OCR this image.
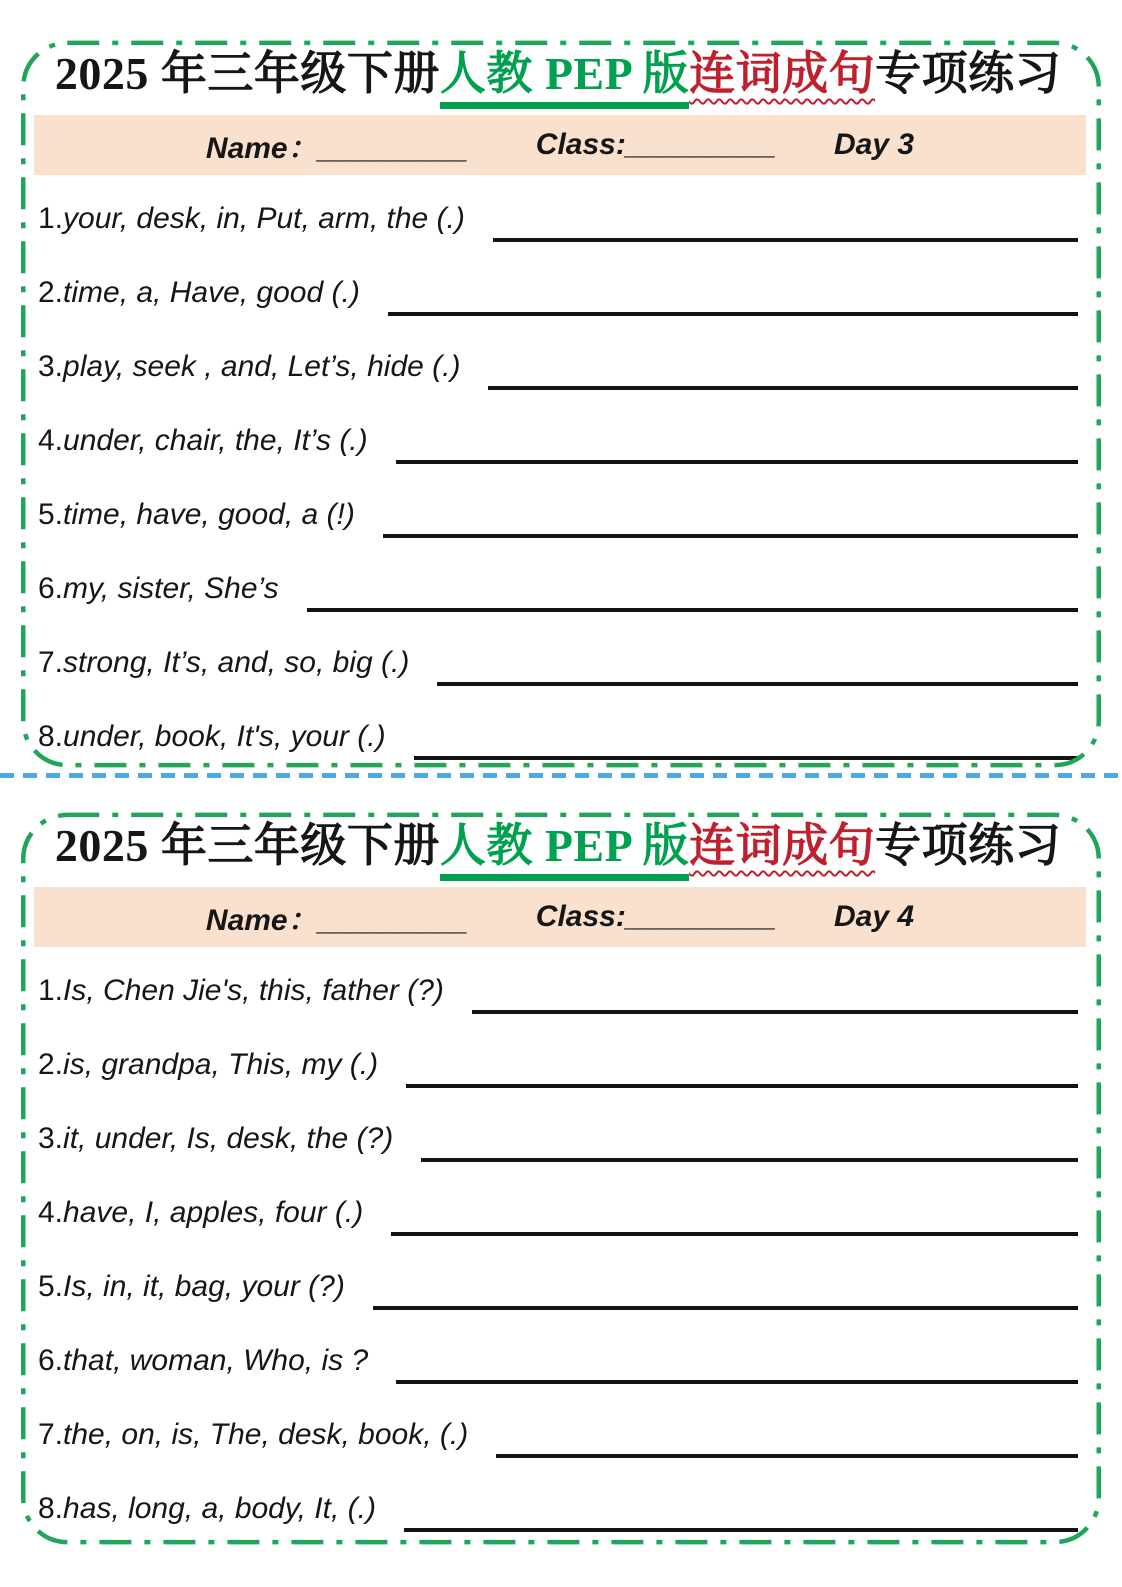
2025 年三年级下册人教 PEP 版连词成句专项练习
Name： _________ Class: _________ Day 3
1.your, desk, in, Put, arm, the (.)
2.time, a, Have, good (.)
3.play, seek , and, Let’s, hide (.)
4.under, chair, the, It’s (.)
5.time, have, good, a (!)
6.my, sister, She’s
7.strong, It’s, and, so, big (.)
8.under, book, It's, your (.)
2025 年三年级下册人教 PEP 版连词成句专项练习
Name： _________ Class: _________ Day 4
1.Is, Chen Jie's, this, father (?)
2.is, grandpa, This, my (.)
3.it, under, Is, desk, the (?)
4.have, I, apples, four (.)
5.Is, in, it, bag, your (?)
6.that, woman, Who, is ?
7.the, on, is, The, desk, book, (.)
8.has, long, a, body, It, (.)
